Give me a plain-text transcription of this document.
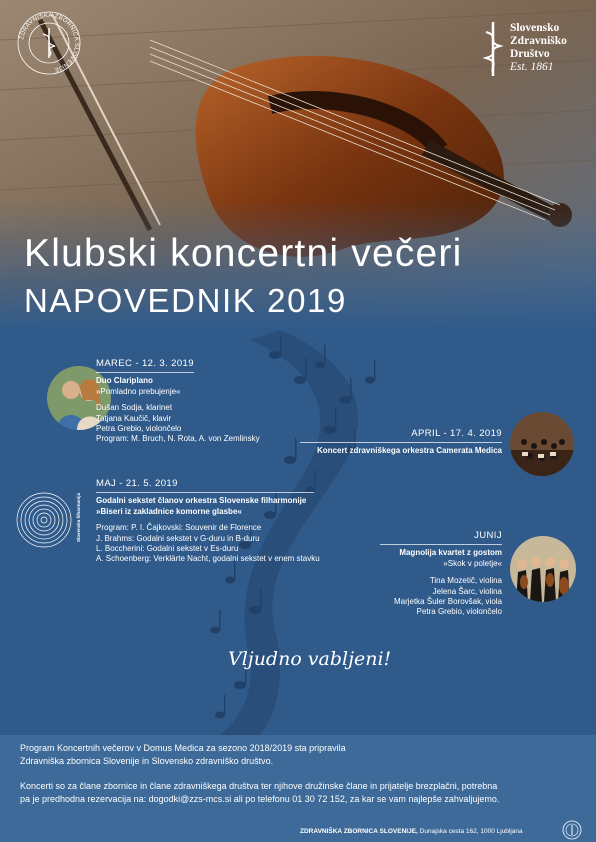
ZDRAVNIŠKA ZBORNICA SLOVENIJE
Slovensko
Zdravniško
Društvo
Est. 1861
Klubski koncertni večeri
NAPOVEDNIK 2019
MAREC - 12. 3. 2019
Duo Clariplano
»Pomladno prebujenje«
Dušan Sodja, klarinet
Tatjana Kaučič, klavir
Petra Grebio, violončelo
Program: M. Bruch, N. Rota, A. von Zemlinsky	APRIL - 17. 4. 2019
Koncert zdravniškega orkestra Camerata Medica
Slovenska filharmonija
MAJ - 21. 5. 2019
Godalni sekstet članov orkestra Slovenske filharmonije
»Biseri iz zakladnice komorne glasbe«
Program: P. I. Čajkovski: Souvenir de Florence
J. Brahms: Godalni sekstet v G-duru in B-duru
L. Boccherini: Godalni sekstet v Es-duru
A. Schoenberg: Verklärte Nacht, godalni sekstet v enem stavku
JUNIJ
Magnolija kvartet z gostom
»Skok v poletje«
Tina Mozetič, violina
Jelena Šarc, violina
Marjetka Šuler Borovšak, viola
Petra Grebio, violončelo
Vljudno vabljeni!

Program Koncertnih večerov v Domus Medica za sezono 2018/2019 sta pripravila
Zdravniška zbornica Slovenije in Slovensko zdravniško društvo.

Koncerti so za člane zbornice in člane zdravniškega društva ter njihove družinske člane in prijatelje brezplačni, potrebna
pa je predhodna rezervacija na: dogodki@zzs-mcs.si ali po telefonu 01 30 72 152, za kar se vam najlepše zahvaljujemo.

ZDRAVNIŠKA ZBORNICA SLOVENIJE, Dunajska cesta 162, 1000 Ljubljana
